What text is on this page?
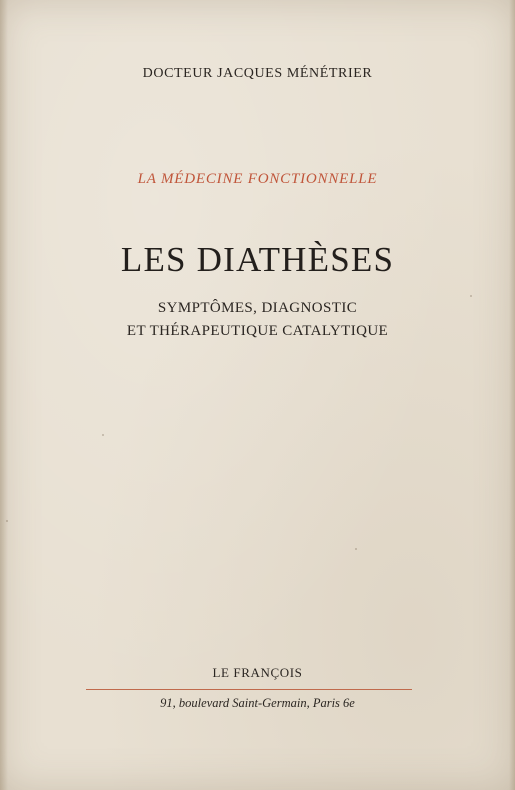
DOCTEUR JACQUES MÉNÉTRIER
LA MÉDECINE FONCTIONNELLE
LES DIATHÈSES
SYMPTÔMES, DIAGNOSTIC
ET THÉRAPEUTIQUE CATALYTIQUE
LE FRANÇOIS
91, boulevard Saint-Germain, Paris 6e
